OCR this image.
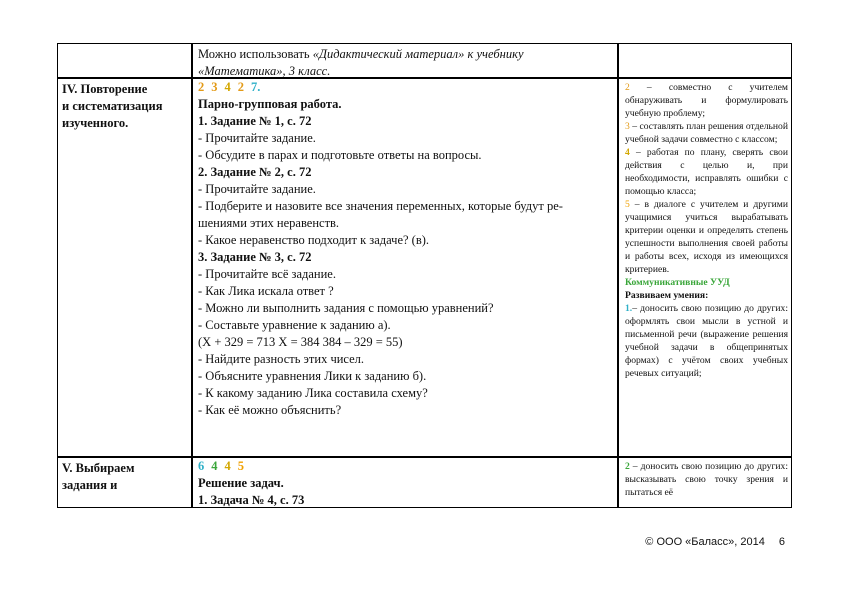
Можно использовать «Дидактический материал» к учебнику
«Математика», 3 класс.
IV. Повторение
и систематизация
изученного.
2 3 4 2 7.
Парно-групповая работа.
1. Задание № 1, с. 72
- Прочитайте задание.
- Обсудите в парах и подготовьте ответы на вопросы.
2. Задание № 2, с. 72
- Прочитайте задание.
- Подберите и назовите все значения переменных, которые будут ре-
шениями этих неравенств.
- Какое неравенство подходит к задаче? (в).
3. Задание № 3, с. 72
- Прочитайте всё задание.
- Как Лика искала ответ ?
- Можно ли выполнить задания с помощью уравнений?
- Составьте уравнение к заданию а).
(Х + 329 = 713 Х = 384 384 – 329 = 55)
- Найдите разность этих чисел.
- Объясните уравнения Лики к заданию б).
- К какому заданию Лика составила схему?
- Как её можно объяснить?
2 – совместно с учителем обнаруживать и формулировать учебную проблему;
3 – составлять план решения отдельной учебной задачи совместно с классом;
4 – работая по плану, сверять свои действия с целью и, при необходимости, исправлять ошибки с помощью класса;
5 – в диалоге с учителем и другими учащимися учиться вырабатывать критерии оценки и определять степень успешности выполнения своей работы и работы всех, исходя из имеющихся критериев.
Коммуникативные УУД
Развиваем умения:
1.– доносить свою позицию до других: оформлять свои мысли в устной и письменной речи (выражение решения учебной задачи в общепринятых формах) с учётом своих учебных речевых ситуаций;
V. Выбираем
задания и
6 4 4 5
Решение задач.
1. Задача № 4, с. 73
2 – доносить свою позицию до других: высказывать свою точку зрения и пытаться её
© ООО «Баласс», 2014 6
